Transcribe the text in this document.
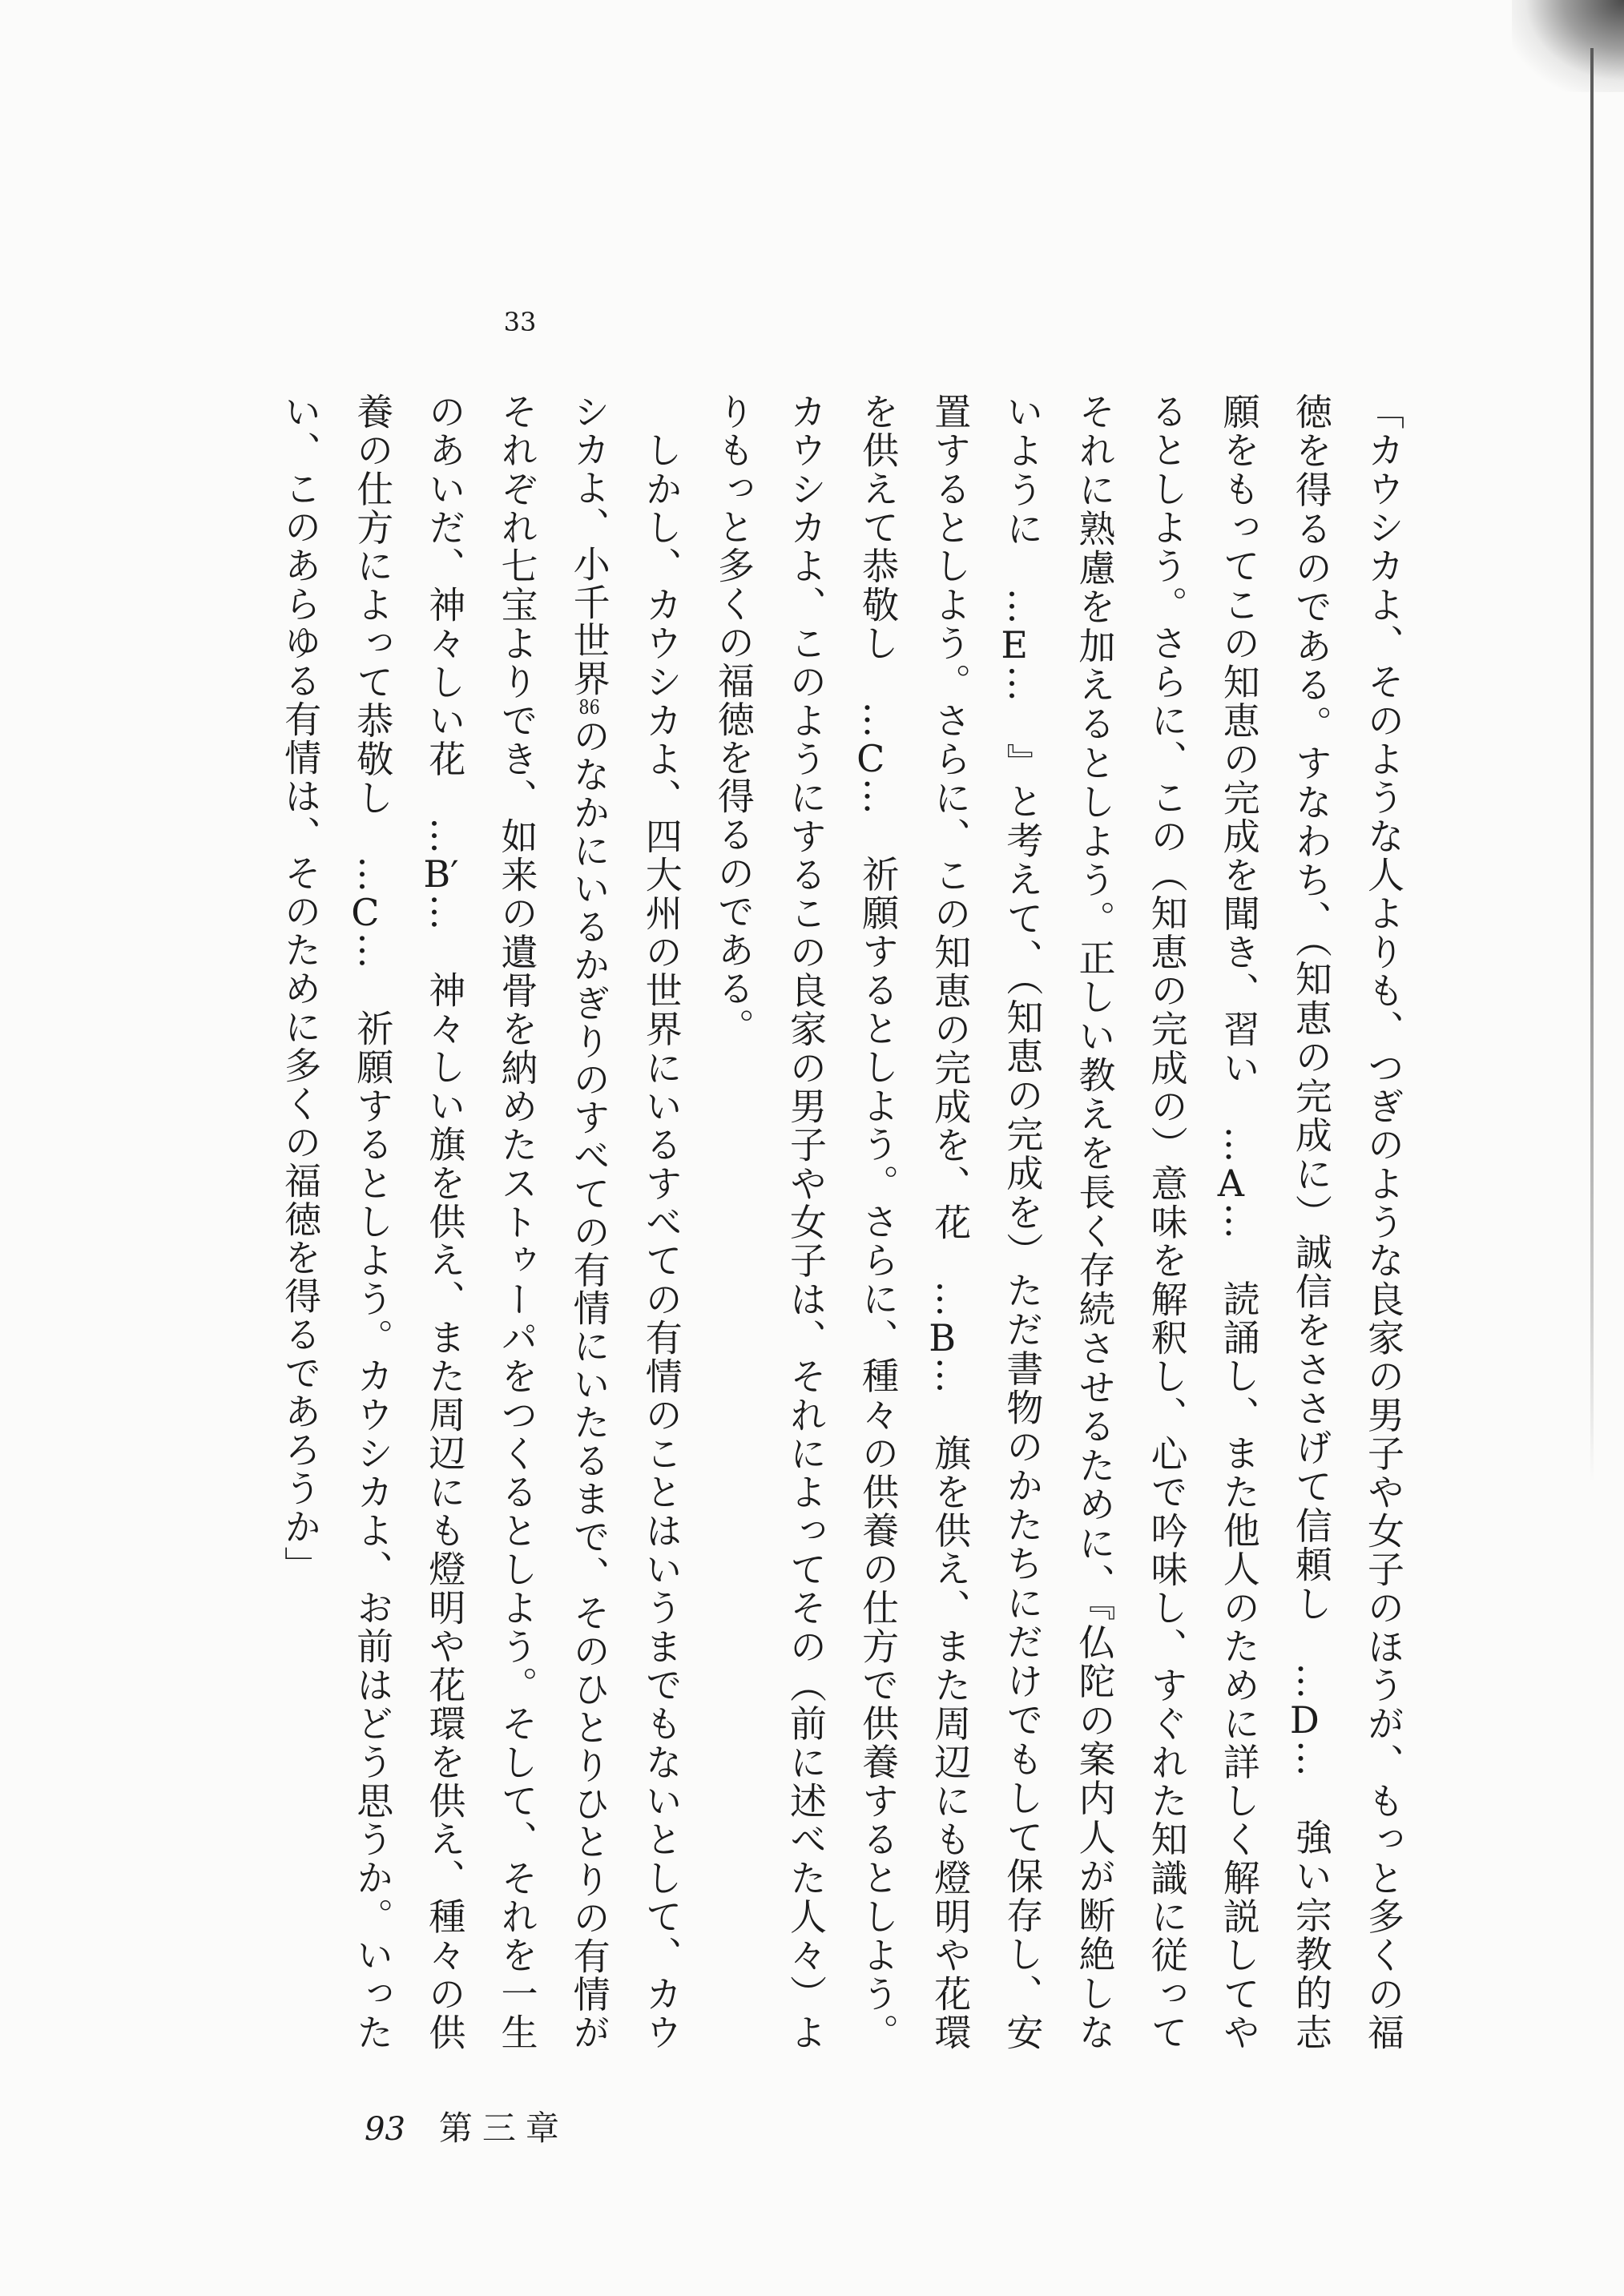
33
「カウシカよ、そのような人よりも、つぎのような良家の男子や女子のほうが、もっと多くの福
徳を得るのである。すなわち、（知恵の完成に）誠信をささげて信頼し　…D…　強い宗教的志
願をもってこの知恵の完成を聞き、習い　…A…　読誦し、また他人のために詳しく解説してや
るとしよう。さらに、この（知恵の完成の）意味を解釈し、心で吟味し、すぐれた知識に従って
それに熟慮を加えるとしよう。正しい教えを長く存続させるために、『仏陀の案内人が断絶しな
いように　…E…　』と考えて、（知恵の完成を）ただ書物のかたちにだけでもして保存し、安
置するとしよう。さらに、この知恵の完成を、花　…B…　旗を供え、また周辺にも燈明や花環
を供えて恭敬し　…C…　祈願するとしよう。さらに、種々の供養の仕方で供養するとしよう。
カウシカよ、このようにするこの良家の男子や女子は、それによってその（前に述べた人々）よ
りもっと多くの福徳を得るのである。
　しかし、カウシカよ、四大州の世界にいるすべての有情のことはいうまでもないとして、カウ
シカよ、小千世界86のなかにいるかぎりのすべての有情にいたるまで、そのひとりひとりの有情が
それぞれ七宝よりでき、如来の遺骨を納めたストゥーパをつくるとしよう。そして、それを一生
のあいだ、神々しい花　…B′…　神々しい旗を供え、また周辺にも燈明や花環を供え、種々の供
養の仕方によって恭敬し　…C…　祈願するとしよう。カウシカよ、お前はどう思うか。いった
い、このあらゆる有情は、そのために多くの福徳を得るであろうか」
93 第三章
